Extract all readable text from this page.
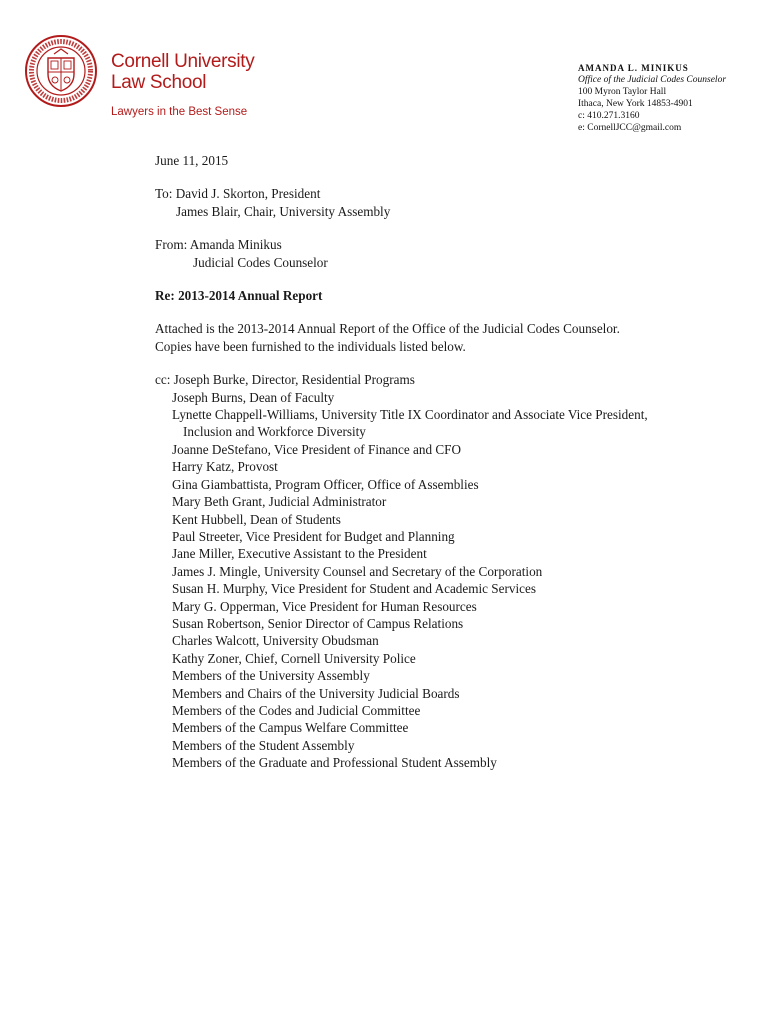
Cornell University
Law School
Lawyers in the Best Sense
AMANDA L. MINIKUS
Office of the Judicial Codes Counselor
100 Myron Taylor Hall
Ithaca, New York 14853-4901
c: 410.271.3160
e: CornellJCC@gmail.com
June 11, 2015
To: David J. Skorton, President
James Blair, Chair, University Assembly
From: Amanda Minikus
Judicial Codes Counselor
Re: 2013-2014 Annual Report
Attached is the 2013-2014 Annual Report of the Office of the Judicial Codes Counselor.
Copies have been furnished to the individuals listed below.
cc: Joseph Burke, Director, Residential Programs
Joseph Burns, Dean of Faculty
Lynette Chappell-Williams, University Title IX Coordinator and Associate Vice President,
Inclusion and Workforce Diversity
Joanne DeStefano, Vice President of Finance and CFO
Harry Katz, Provost
Gina Giambattista, Program Officer, Office of Assemblies
Mary Beth Grant, Judicial Administrator
Kent Hubbell, Dean of Students
Paul Streeter, Vice President for Budget and Planning
Jane Miller, Executive Assistant to the President
James J. Mingle, University Counsel and Secretary of the Corporation
Susan H. Murphy, Vice President for Student and Academic Services
Mary G. Opperman, Vice President for Human Resources
Susan Robertson, Senior Director of Campus Relations
Charles Walcott, University Obudsman
Kathy Zoner, Chief, Cornell University Police
Members of the University Assembly
Members and Chairs of the University Judicial Boards
Members of the Codes and Judicial Committee
Members of the Campus Welfare Committee
Members of the Student Assembly
Members of the Graduate and Professional Student Assembly
